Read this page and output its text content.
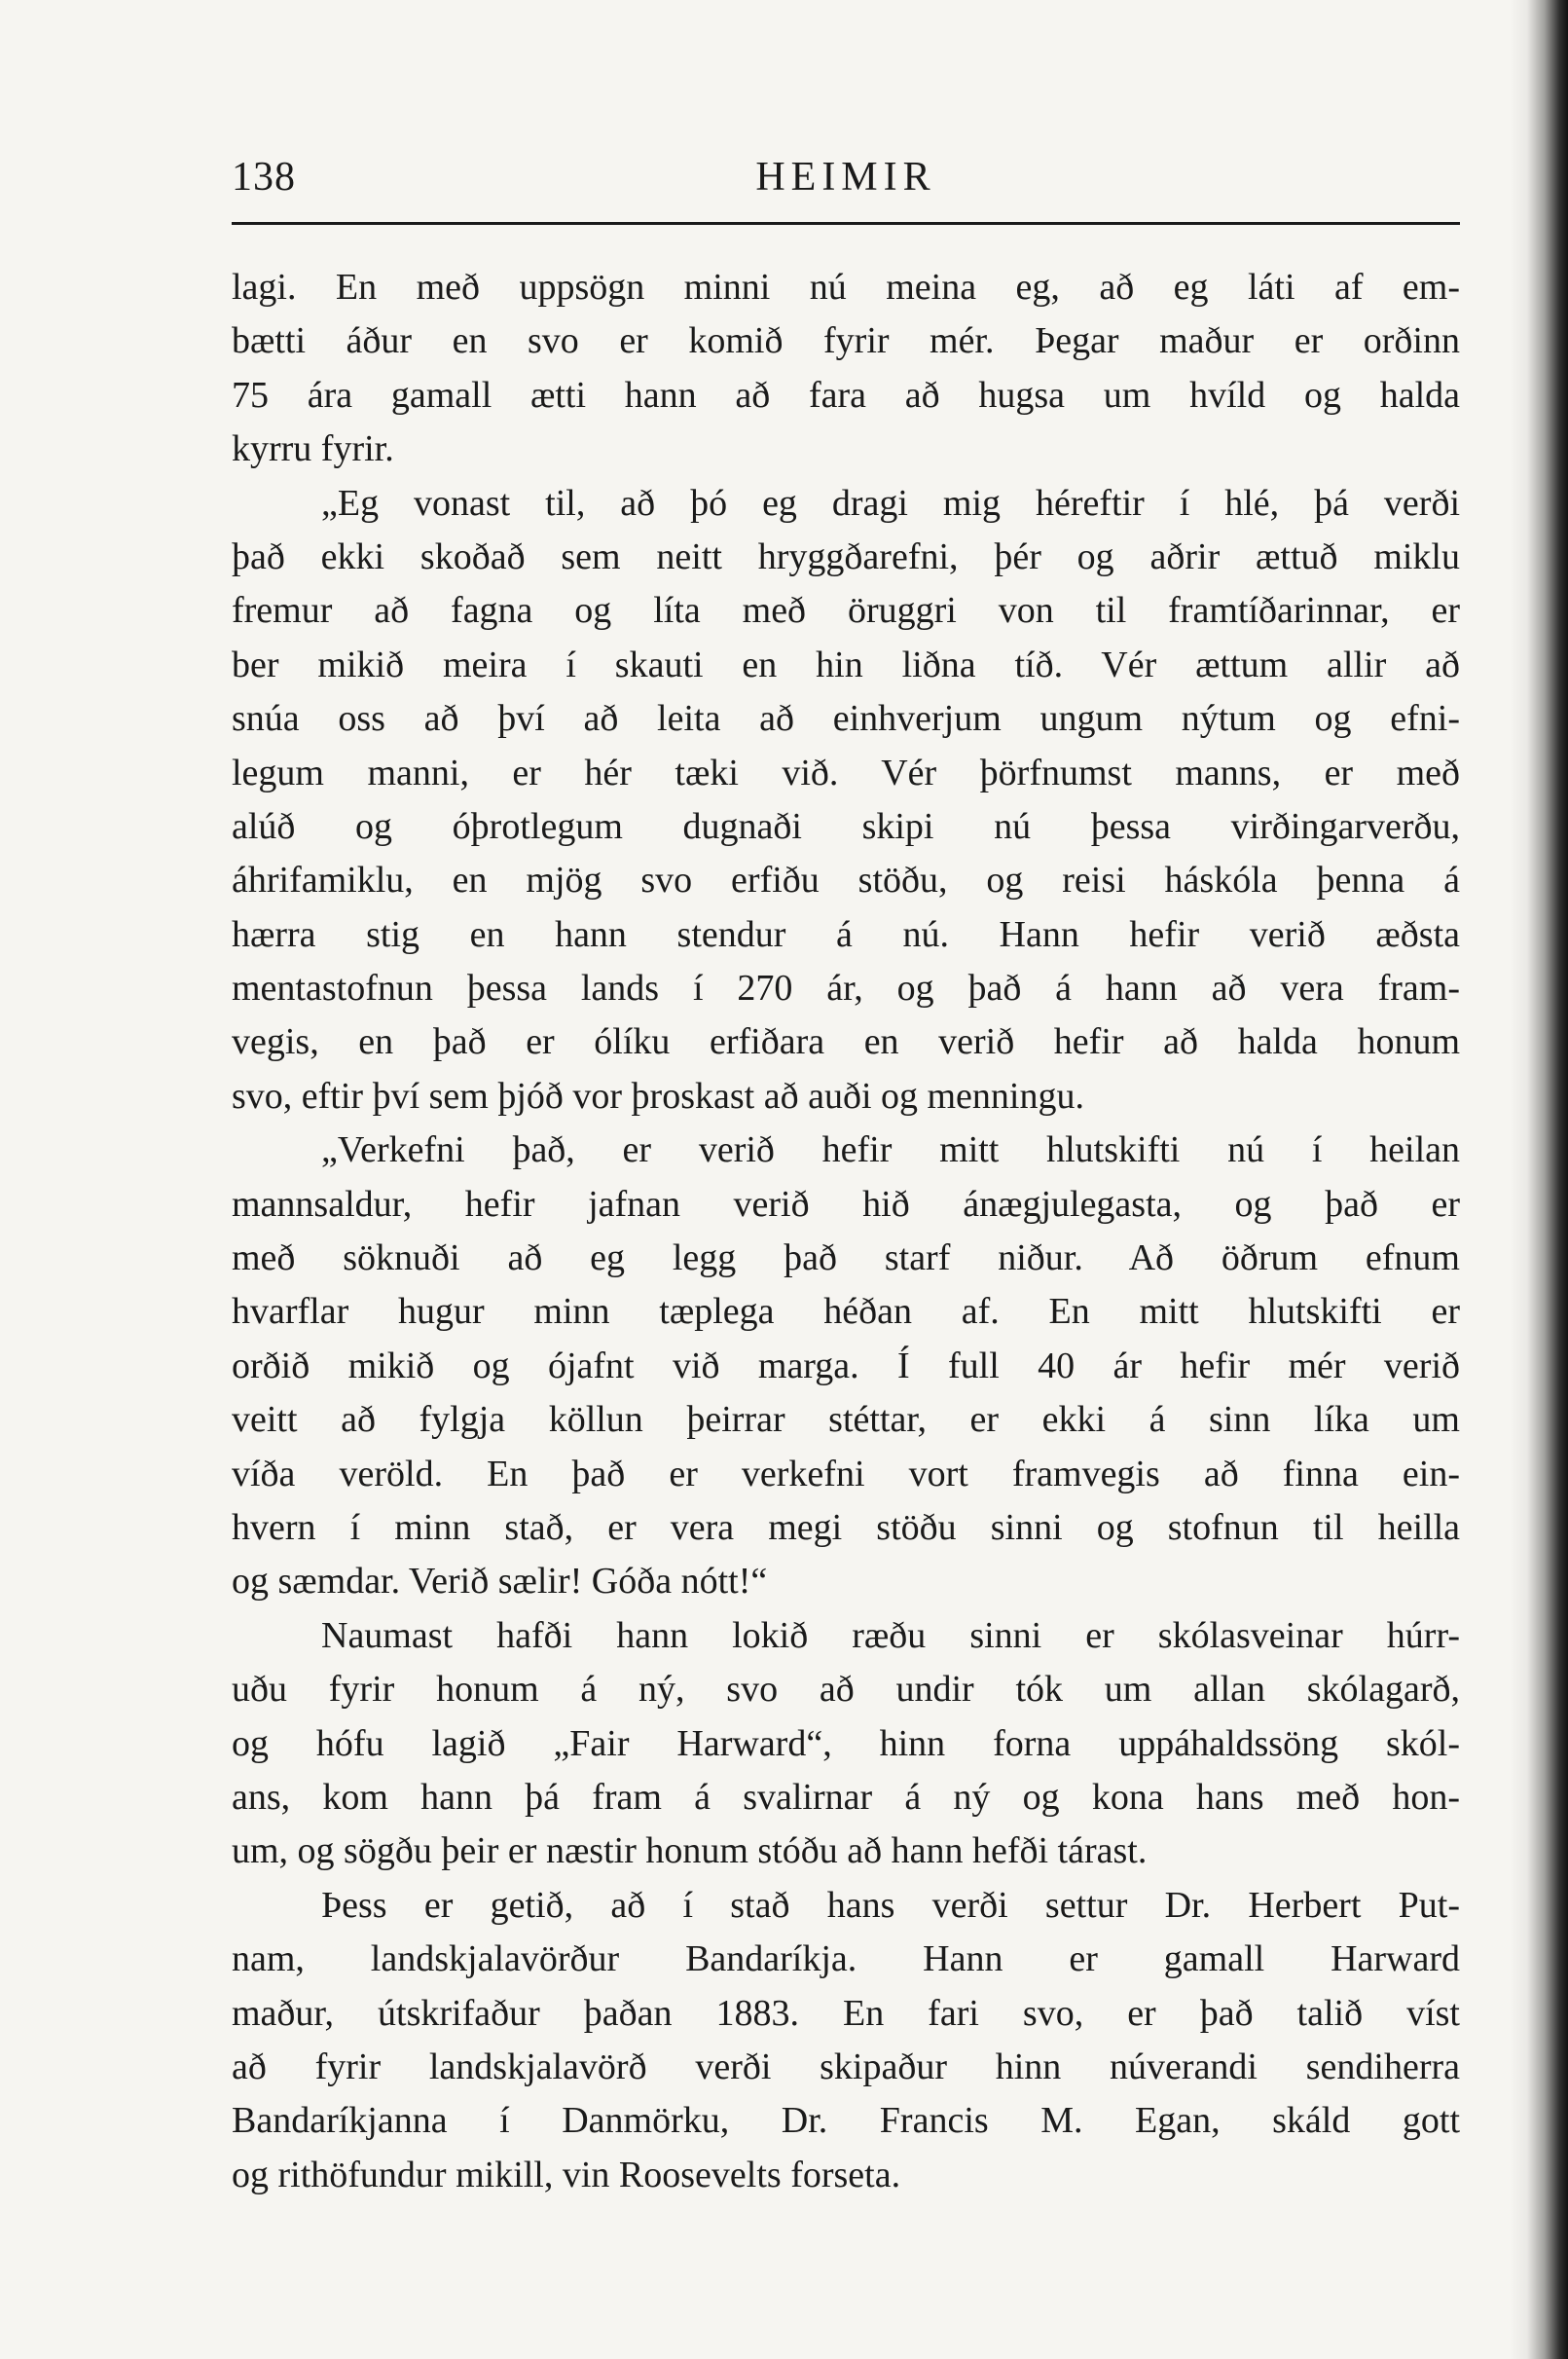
138	HEIMIR
lagi. En með uppsögn minni nú meina eg, að eg láti af em-
bætti áður en svo er komið fyrir mér. Þegar maður er orðinn
75 ára gamall ætti hann að fara að hugsa um hvíld og halda
kyrru fyrir.
„Eg vonast til, að þó eg dragi mig héreftir í hlé, þá verði
það ekki skoðað sem neitt hryggðarefni, þér og aðrir ættuð miklu
fremur að fagna og líta með öruggri von til framtíðarinnar, er
ber mikið meira í skauti en hin liðna tíð. Vér ættum allir að
snúa oss að því að leita að einhverjum ungum nýtum og efni-
legum manni, er hér tæki við. Vér þörfnumst manns, er með
alúð og óþrotlegum dugnaði skipi nú þessa virðingarverðu,
áhrifamiklu, en mjög svo erfiðu stöðu, og reisi háskóla þenna á
hærra stig en hann stendur á nú. Hann hefir verið æðsta
mentastofnun þessa lands í 270 ár, og það á hann að vera fram-
vegis, en það er ólíku erfiðara en verið hefir að halda honum
svo, eftir því sem þjóð vor þroskast að auði og menningu.
„Verkefni það, er verið hefir mitt hlutskifti nú í heilan
mannsaldur, hefir jafnan verið hið ánægjulegasta, og það er
með söknuði að eg legg það starf niður. Að öðrum efnum
hvarflar hugur minn tæplega héðan af. En mitt hlutskifti er
orðið mikið og ójafnt við marga. Í full 40 ár hefir mér verið
veitt að fylgja köllun þeirrar stéttar, er ekki á sinn líka um
víða veröld. En það er verkefni vort framvegis að finna ein-
hvern í minn stað, er vera megi stöðu sinni og stofnun til heilla
og sæmdar. Verið sælir! Góða nótt!“
Naumast hafði hann lokið ræðu sinni er skólasveinar húrr-
uðu fyrir honum á ný, svo að undir tók um allan skólagarð,
og hófu lagið „Fair Harward“, hinn forna uppáhaldssöng skól-
ans, kom hann þá fram á svalirnar á ný og kona hans með hon-
um, og sögðu þeir er næstir honum stóðu að hann hefði tárast.
Þess er getið, að í stað hans verði settur Dr. Herbert Put-
nam, landskjalavörður Bandaríkja. Hann er gamall Harward
maður, útskrifaður þaðan 1883. En fari svo, er það talið víst
að fyrir landskjalavörð verði skipaður hinn núverandi sendiherra
Bandaríkjanna í Danmörku, Dr. Francis M. Egan, skáld gott
og rithöfundur mikill, vin Roosevelts forseta.
